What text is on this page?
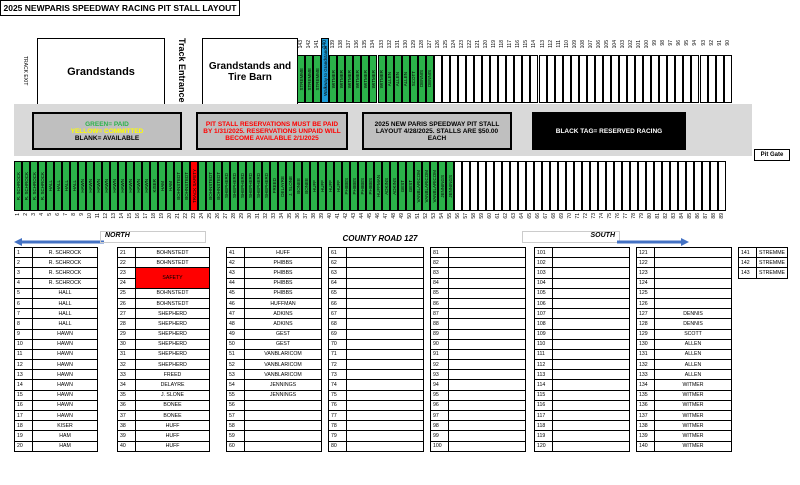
2025 NEWPARIS SPEEDWAY RACING PIT STALL LAYOUT
TRACK EXIT	Grandstands	Track Entrance	Grandstands and Tire Barn	STREMME STREMME STREMME Walkway to Grandstands WITMER WITMER WITMER WITMER WITMER WITMER WITMER ALLEN ALLEN ALLEN SCOTT DENNIS DENNIS
143 142 141 140 139 138 137 136 135 134 133 132 131 130 129 128 127 126 125 124 123 122 121 120 119 118 117 116 115 114 113 112 111 110 109 108 107 106 105 104 103 102 101 100 99 98 97 96 95 94 93 92 91 90
GREEN= PAID
YELLOW= COMMITTED
BLANK= AVAILABLE
PIT STALL RESERVATIONS MUST BE PAID BY 1/31/2025. RESERVATIONS UNPAID WILL BECOME AVAILABLE 2/1/2025
2025 NEW PARIS SPEEDWAY PIT STALL LAYOUT 4/28/2025. STALLS ARE $50.00 EACH
BLACK TAG= RESERVED RACING
Pit Gate
R. SCHROCK R. SCHROCK R. SCHROCK R. SCHROCK HALL HALL HALL HALL HAWN HAWN HAWN HAWN HAWN HAWN HAWN HAWN HAWN KISER HAM HAM BOHNSTEDT BOHNSTEDT TRACK SAFETY BOHNSTEDT BOHNSTEDT SHEPHERD SHEPHERD SHEPHERD SHEPHERD SHEPHERD SHEPHERD FREED DELAYRE J. SLONE BONEE BONEE HUFF HUFF HUFF HUFF PHIBBS PHIBBS PHIBBS PHIBBS HUFFMAN ADKINS ADKINS GEST GEST VANBLARICOM VANBLARICOM VANBLARICOM JENNINGS JENNINGS
1 2 3 4 5 6 7 8 9 10 11 12 13 14 15 16 17 18 19 20 21 22 23 24 25 26 27 28 29 30 31 32 33 34 35 36 37 38 39 40 41 42 43 44 45 46 47 48 49 50 51 52 53 54 55 56 57 58 59 60 61 62 63 64 65 66 67 68 69 70 71 72 73 74 75 76 77 78 79 80 81 82 83 84 85 86 87 88 89
NORTH	COUNTY ROAD 127	SOUTH
1	R. SCHROCK
2	R. SCHROCK
3	R. SCHROCK
4	R. SCHROCK
5	HALL
6	HALL
7	HALL
8	HALL
9	HAWN
10	HAWN
11	HAWN
12	HAWN
13	HAWN
14	HAWN
15	HAWN
16	HAWN
17	HAWN
18	KISER
19	HAM
20	HAM
21	BOHNSTEDT
22	BOHNSTEDT
23	SAFETY
24	
25	BOHNSTEDT
26	BOHNSTEDT
27	SHEPHERD
28	SHEPHERD
29	SHEPHERD
30	SHEPHERD
31	SHEPHERD
32	SHEPHERD
33	FREED
34	DELAYRE
35	J. SLONE
36	BONEE
37	BONEE
38	HUFF
39	HUFF
40	HUFF
41	HUFF
42	PHIBBS
43	PHIBBS
44	PHIBBS
45	PHIBBS
46	HUFFMAN
47	ADKINS
48	ADKINS
49	GEST
50	GEST
51	VANBLARICOM
52	VANBLARICOM
53	VANBLARICOM
54	JENNINGS
55	JENNINGS
56	
57	
58	
59	
60	
61	
62	
63	
64	
65	
66	
67	
68	
69	
70	
71	
72	
73	
74	
75	
76	
77	
78	
79	
80	
81	
82	
83	
84	
85	
86	
87	
88	
89	
90	
91	
92	
93	
94	
95	
96	
97	
98	
99	
100	
101	
102	
103	
104	
105	
106	
107	
108	
109	
110	
111	
112	
113	
114	
115	
116	
117	
118	
119	
120	
121	
122	
123	
124	
125	
126	
127	DENNIS
128	DENNIS
129	SCOTT
130	ALLEN
131	ALLEN
132	ALLEN
133	ALLEN
134	WITMER
135	WITMER
136	WITMER
137	WITMER
138	WITMER
139	WITMER
140	WITMER
141	STREMME
142	STREMME
143	STREMME
